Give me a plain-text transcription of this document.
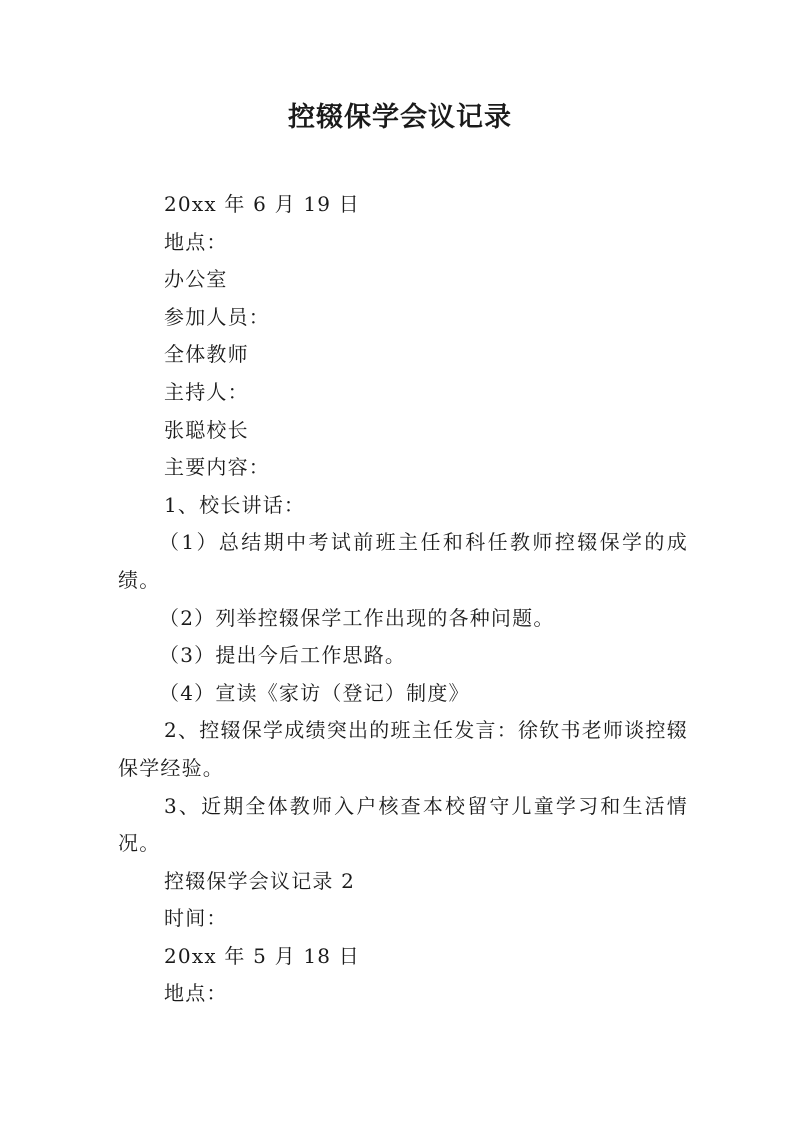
控辍保学会议记录

20xx 年 6 月 19 日

地点：

办公室

参加人员：

全体教师

主持人：

张聪校长

主要内容：

1、校长讲话：

（1）总结期中考试前班主任和科任教师控辍保学的成绩。

（2）列举控辍保学工作出现的各种问题。

（3）提出今后工作思路。

（4）宣读《家访（登记）制度》

2、控辍保学成绩突出的班主任发言：徐钦书老师谈控辍保学经验。

3、近期全体教师入户核查本校留守儿童学习和生活情况。

控辍保学会议记录 2

时间：

20xx 年 5 月 18 日

地点：
